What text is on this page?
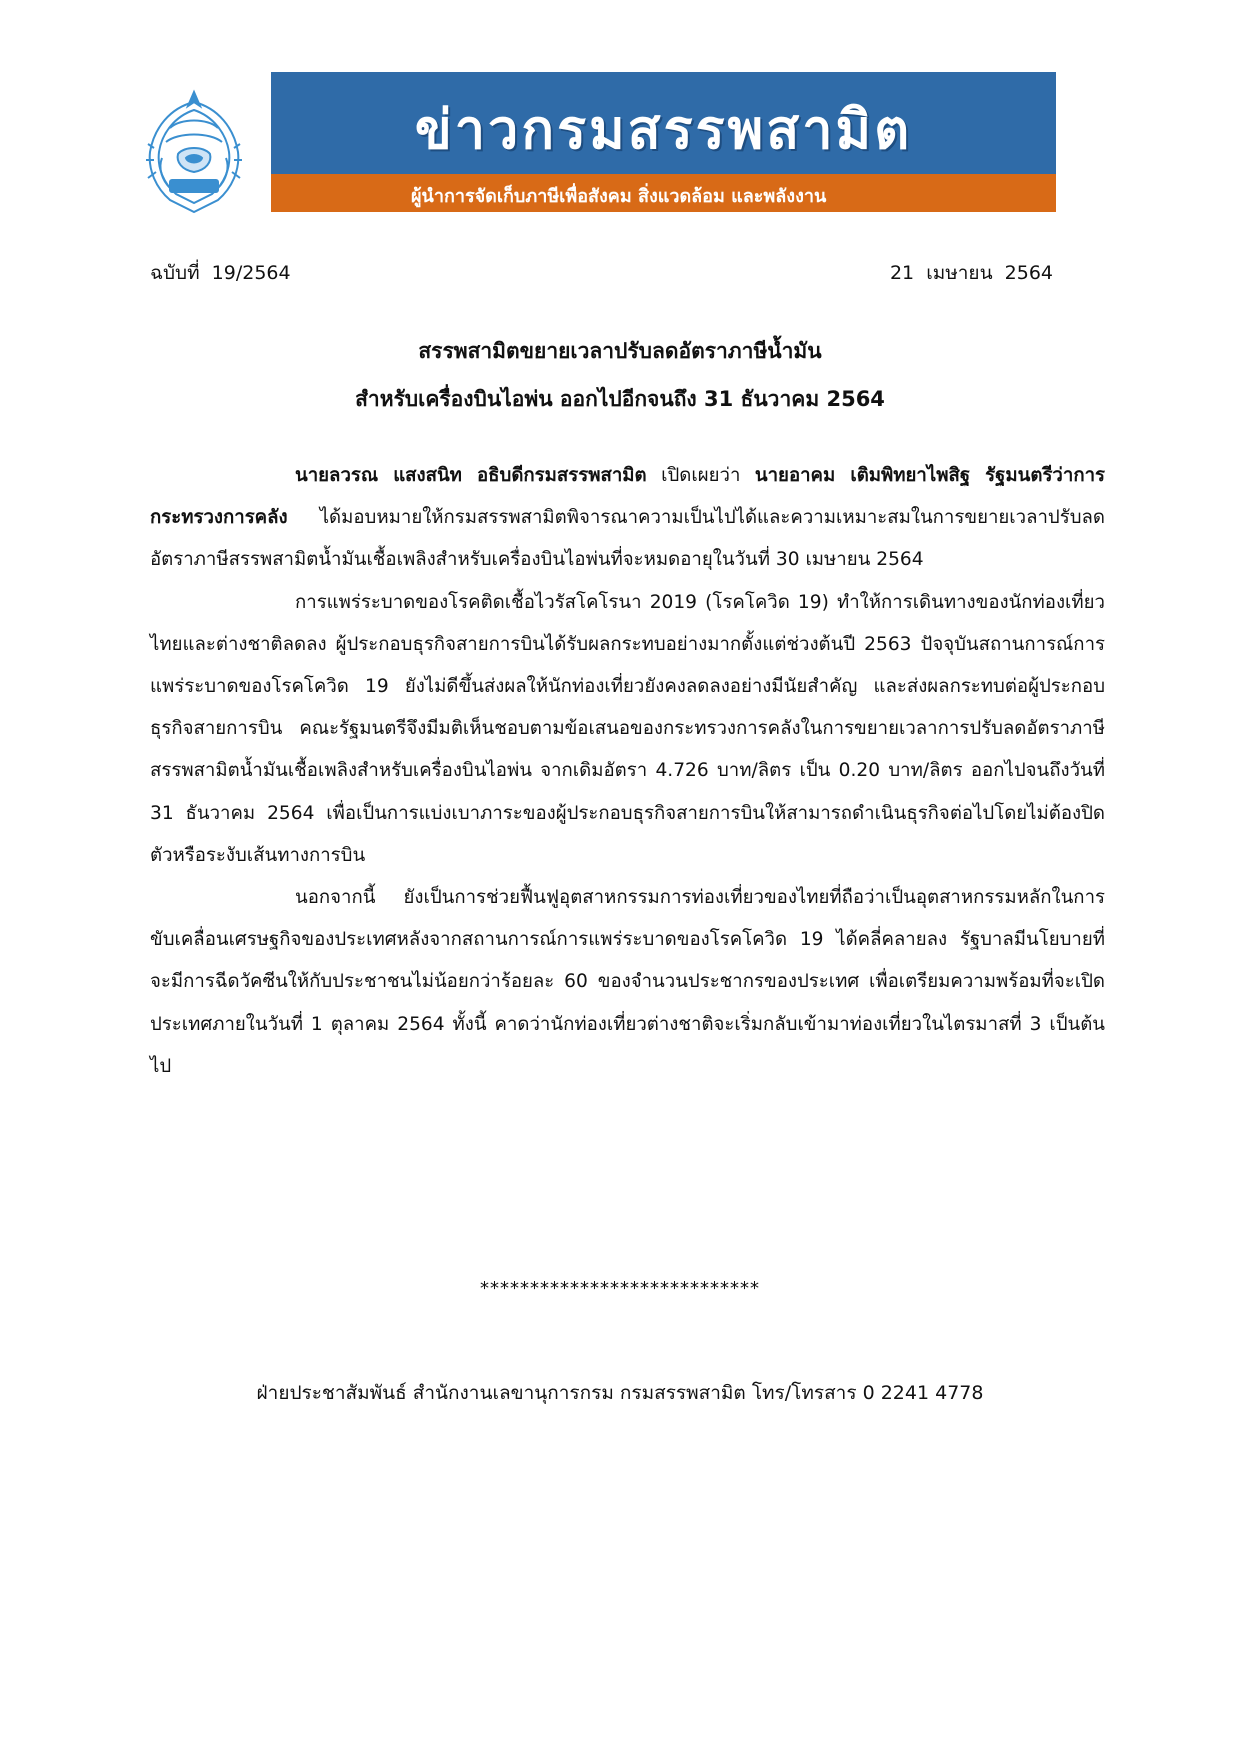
ข่าวกรมสรรพสามิต
ผู้นำการจัดเก็บภาษีเพื่อสังคม สิ่งแวดล้อม และพลังงาน
ฉบับที่  19/2564	21  เมษายน  2564
สรรพสามิตขยายเวลาปรับลดอัตราภาษีน้ำมัน
สำหรับเครื่องบินไอพ่น ออกไปอีกจนถึง 31 ธันวาคม 2564

นายลวรณ แสงสนิท อธิบดีกรมสรรพสามิต เปิดเผยว่า นายอาคม เติมพิทยาไพสิฐ รัฐมนตรีว่าการกระทรวงการคลัง ได้มอบหมายให้กรมสรรพสามิตพิจารณาความเป็นไปได้และความเหมาะสมในการขยายเวลาปรับลดอัตราภาษีสรรพสามิตน้ำมันเชื้อเพลิงสำหรับเครื่องบินไอพ่นที่จะหมดอายุในวันที่ 30 เมษายน 2564

การแพร่ระบาดของโรคติดเชื้อไวรัสโคโรนา 2019 (โรคโควิด 19) ทำให้การเดินทางของนักท่องเที่ยวไทยและต่างชาติลดลง ผู้ประกอบธุรกิจสายการบินได้รับผลกระทบอย่างมากตั้งแต่ช่วงต้นปี 2563 ปัจจุบันสถานการณ์การแพร่ระบาดของโรคโควิด 19 ยังไม่ดีขึ้นส่งผลให้นักท่องเที่ยวยังคงลดลงอย่างมีนัยสำคัญ และส่งผลกระทบต่อผู้ประกอบธุรกิจสายการบิน คณะรัฐมนตรีจึงมีมติเห็นชอบตามข้อเสนอของกระทรวงการคลังในการขยายเวลาการปรับลดอัตราภาษีสรรพสามิตน้ำมันเชื้อเพลิงสำหรับเครื่องบินไอพ่น จากเดิมอัตรา 4.726 บาท/ลิตร เป็น 0.20 บาท/ลิตร ออกไปจนถึงวันที่ 31 ธันวาคม 2564 เพื่อเป็นการแบ่งเบาภาระของผู้ประกอบธุรกิจสายการบินให้สามารถดำเนินธุรกิจต่อไปโดยไม่ต้องปิดตัวหรือระงับเส้นทางการบิน

นอกจากนี้ ยังเป็นการช่วยฟื้นฟูอุตสาหกรรมการท่องเที่ยวของไทยที่ถือว่าเป็นอุตสาหกรรมหลักในการขับเคลื่อนเศรษฐกิจของประเทศหลังจากสถานการณ์การแพร่ระบาดของโรคโควิด 19 ได้คลี่คลายลง รัฐบาลมีนโยบายที่จะมีการฉีดวัคซีนให้กับประชาชนไม่น้อยกว่าร้อยละ 60 ของจำนวนประชากรของประเทศ เพื่อเตรียมความพร้อมที่จะเปิดประเทศภายในวันที่ 1 ตุลาคม 2564 ทั้งนี้ คาดว่านักท่องเที่ยวต่างชาติจะเริ่มกลับเข้ามาท่องเที่ยวในไตรมาสที่ 3 เป็นต้นไป

****************************
ฝ่ายประชาสัมพันธ์ สำนักงานเลขานุการกรม กรมสรรพสามิต โทร/โทรสาร 0 2241 4778
